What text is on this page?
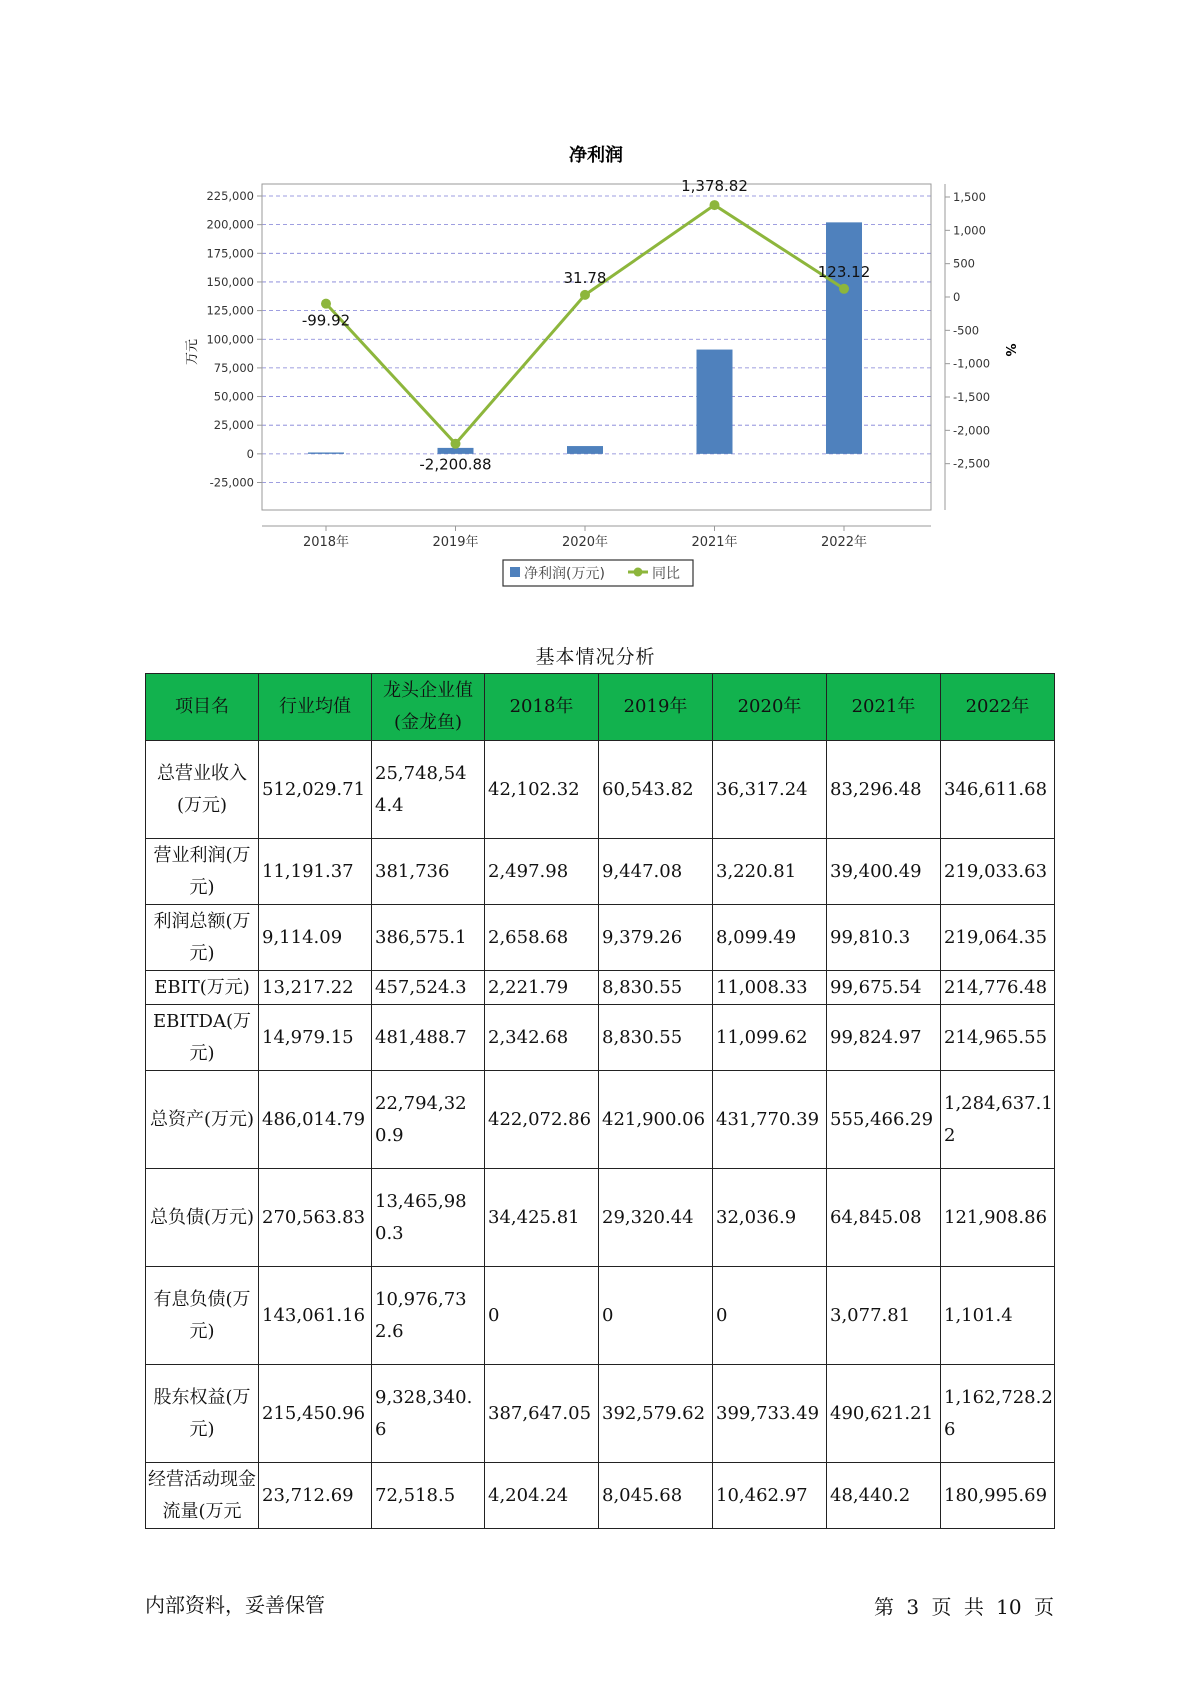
净利润
-99.92
-2,200.88
31.78
1,378.82
123.12
-25,000
0
25,000
50,000
75,000
100,000
125,000
150,000
175,000
200,000
225,000
-2,500
-2,000
-1,500
-1,000
-500
0
500
1,000
1,500
2018年	2019年	2020年	2021年	2022年
万元	%
净利润(万元)	同比
基本情况分析
项目名	行业均值	龙头企业值(金龙鱼)	2018年	2019年	2020年	2021年	2022年
总营业收入(万元)	512,029.71	25,748,544.4	42,102.32	60,543.82	36,317.24	83,296.48	346,611.68
营业利润(万元)	11,191.37	381,736	2,497.98	9,447.08	3,220.81	39,400.49	219,033.63
利润总额(万元)	9,114.09	386,575.1	2,658.68	9,379.26	8,099.49	99,810.3	219,064.35
EBIT(万元)	13,217.22	457,524.3	2,221.79	8,830.55	11,008.33	99,675.54	214,776.48
EBITDA(万元)	14,979.15	481,488.7	2,342.68	8,830.55	11,099.62	99,824.97	214,965.55
总资产(万元)	486,014.79	22,794,320.9	422,072.86	421,900.06	431,770.39	555,466.29	1,284,637.12
总负债(万元)	270,563.83	13,465,980.3	34,425.81	29,320.44	32,036.9	64,845.08	121,908.86
有息负债(万元)	143,061.16	10,976,732.6	0	0	0	3,077.81	1,101.4
股东权益(万元)	215,450.96	9,328,340.6	387,647.05	392,579.62	399,733.49	490,621.21	1,162,728.26
经营活动现金流量(万元	23,712.69	72,518.5	4,204.24	8,045.68	10,462.97	48,440.2	180,995.69
内部资料，妥善保管	第 3 页 共 10 页
